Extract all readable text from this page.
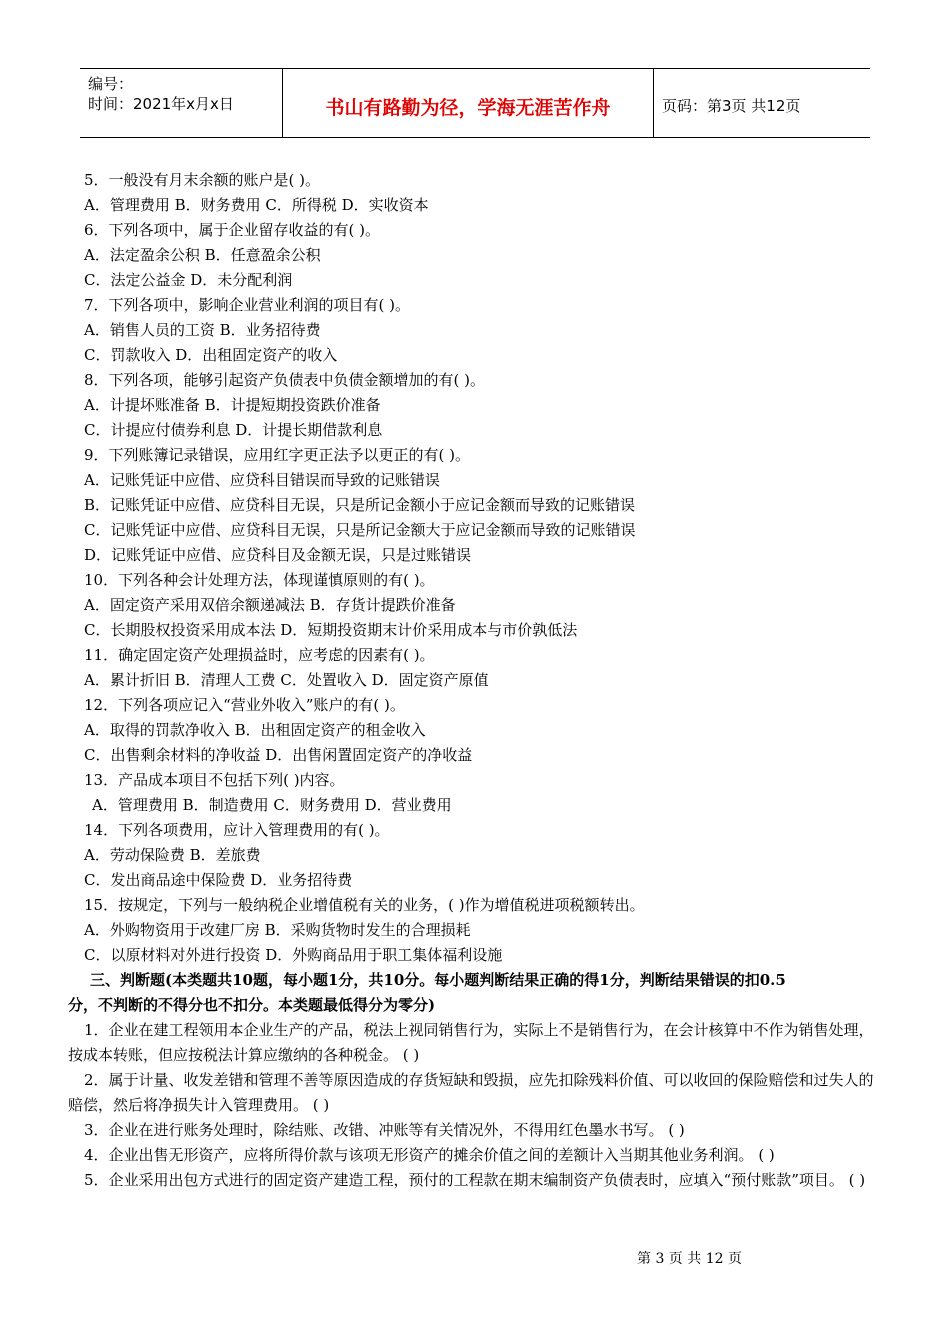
编号：
时间：2021年x月x日	书山有路勤为径，学海无涯苦作舟	页码：第3页 共12页
5．一般没有月末余额的账户是( )。
A．管理费用 B．财务费用 C．所得税 D．实收资本
6．下列各项中，属于企业留存收益的有( )。
A．法定盈余公积 B．任意盈余公积
C．法定公益金 D．未分配利润
7．下列各项中，影响企业营业利润的项目有( )。
A．销售人员的工资 B．业务招待费
C．罚款收入 D．出租固定资产的收入
8．下列各项，能够引起资产负债表中负债金额增加的有( )。
A．计提坏账准备 B．计提短期投资跌价准备
C．计提应付债券利息 D．计提长期借款利息
9．下列账簿记录错误，应用红字更正法予以更正的有( )。
A．记账凭证中应借、应贷科目错误而导致的记账错误
B．记账凭证中应借、应贷科目无误，只是所记金额小于应记金额而导致的记账错误
C．记账凭证中应借、应贷科目无误，只是所记金额大于应记金额而导致的记账错误
D．记账凭证中应借、应贷科目及金额无误，只是过账错误
10．下列各种会计处理方法，体现谨慎原则的有( )。
A．固定资产采用双倍余额递减法 B．存货计提跌价准备
C．长期股权投资采用成本法 D．短期投资期末计价采用成本与市价孰低法
11．确定固定资产处理损益时，应考虑的因素有( )。
A．累计折旧 B．清理人工费 C．处置收入 D．固定资产原值
12．下列各项应记入“营业外收入”账户的有( )。
A．取得的罚款净收入 B．出租固定资产的租金收入
C．出售剩余材料的净收益 D．出售闲置固定资产的净收益
13．产品成本项目不包括下列( )内容。
A．管理费用 B．制造费用 C．财务费用 D．营业费用
14．下列各项费用，应计入管理费用的有( )。
A．劳动保险费 B．差旅费
C．发出商品途中保险费 D．业务招待费
15．按规定，下列与一般纳税企业增值税有关的业务，( )作为增值税进项税额转出。
A．外购物资用于改建厂房 B．采购货物时发生的合理损耗
C．以原材料对外进行投资 D．外购商品用于职工集体福利设施
三、判断题(本类题共10题，每小题1分，共10分。每小题判断结果正确的得1分，判断结果错误的扣0.5
分，不判断的不得分也不扣分。本类题最低得分为零分)
1．企业在建工程领用本企业生产的产品，税法上视同销售行为，实际上不是销售行为，在会计核算中不作为销售处理，按成本转账，但应按税法计算应缴纳的各种税金。 ( )
2．属于计量、收发差错和管理不善等原因造成的存货短缺和毁损，应先扣除残料价值、可以收回的保险赔偿和过失人的赔偿，然后将净损失计入管理费用。 ( )
3．企业在进行账务处理时，除结账、改错、冲账等有关情况外，不得用红色墨水书写。 ( )
4．企业出售无形资产，应将所得价款与该项无形资产的摊余价值之间的差额计入当期其他业务利润。 ( )
5．企业采用出包方式进行的固定资产建造工程，预付的工程款在期末编制资产负债表时，应填入“预付账款”项目。 ( )
第 3 页 共 12 页
